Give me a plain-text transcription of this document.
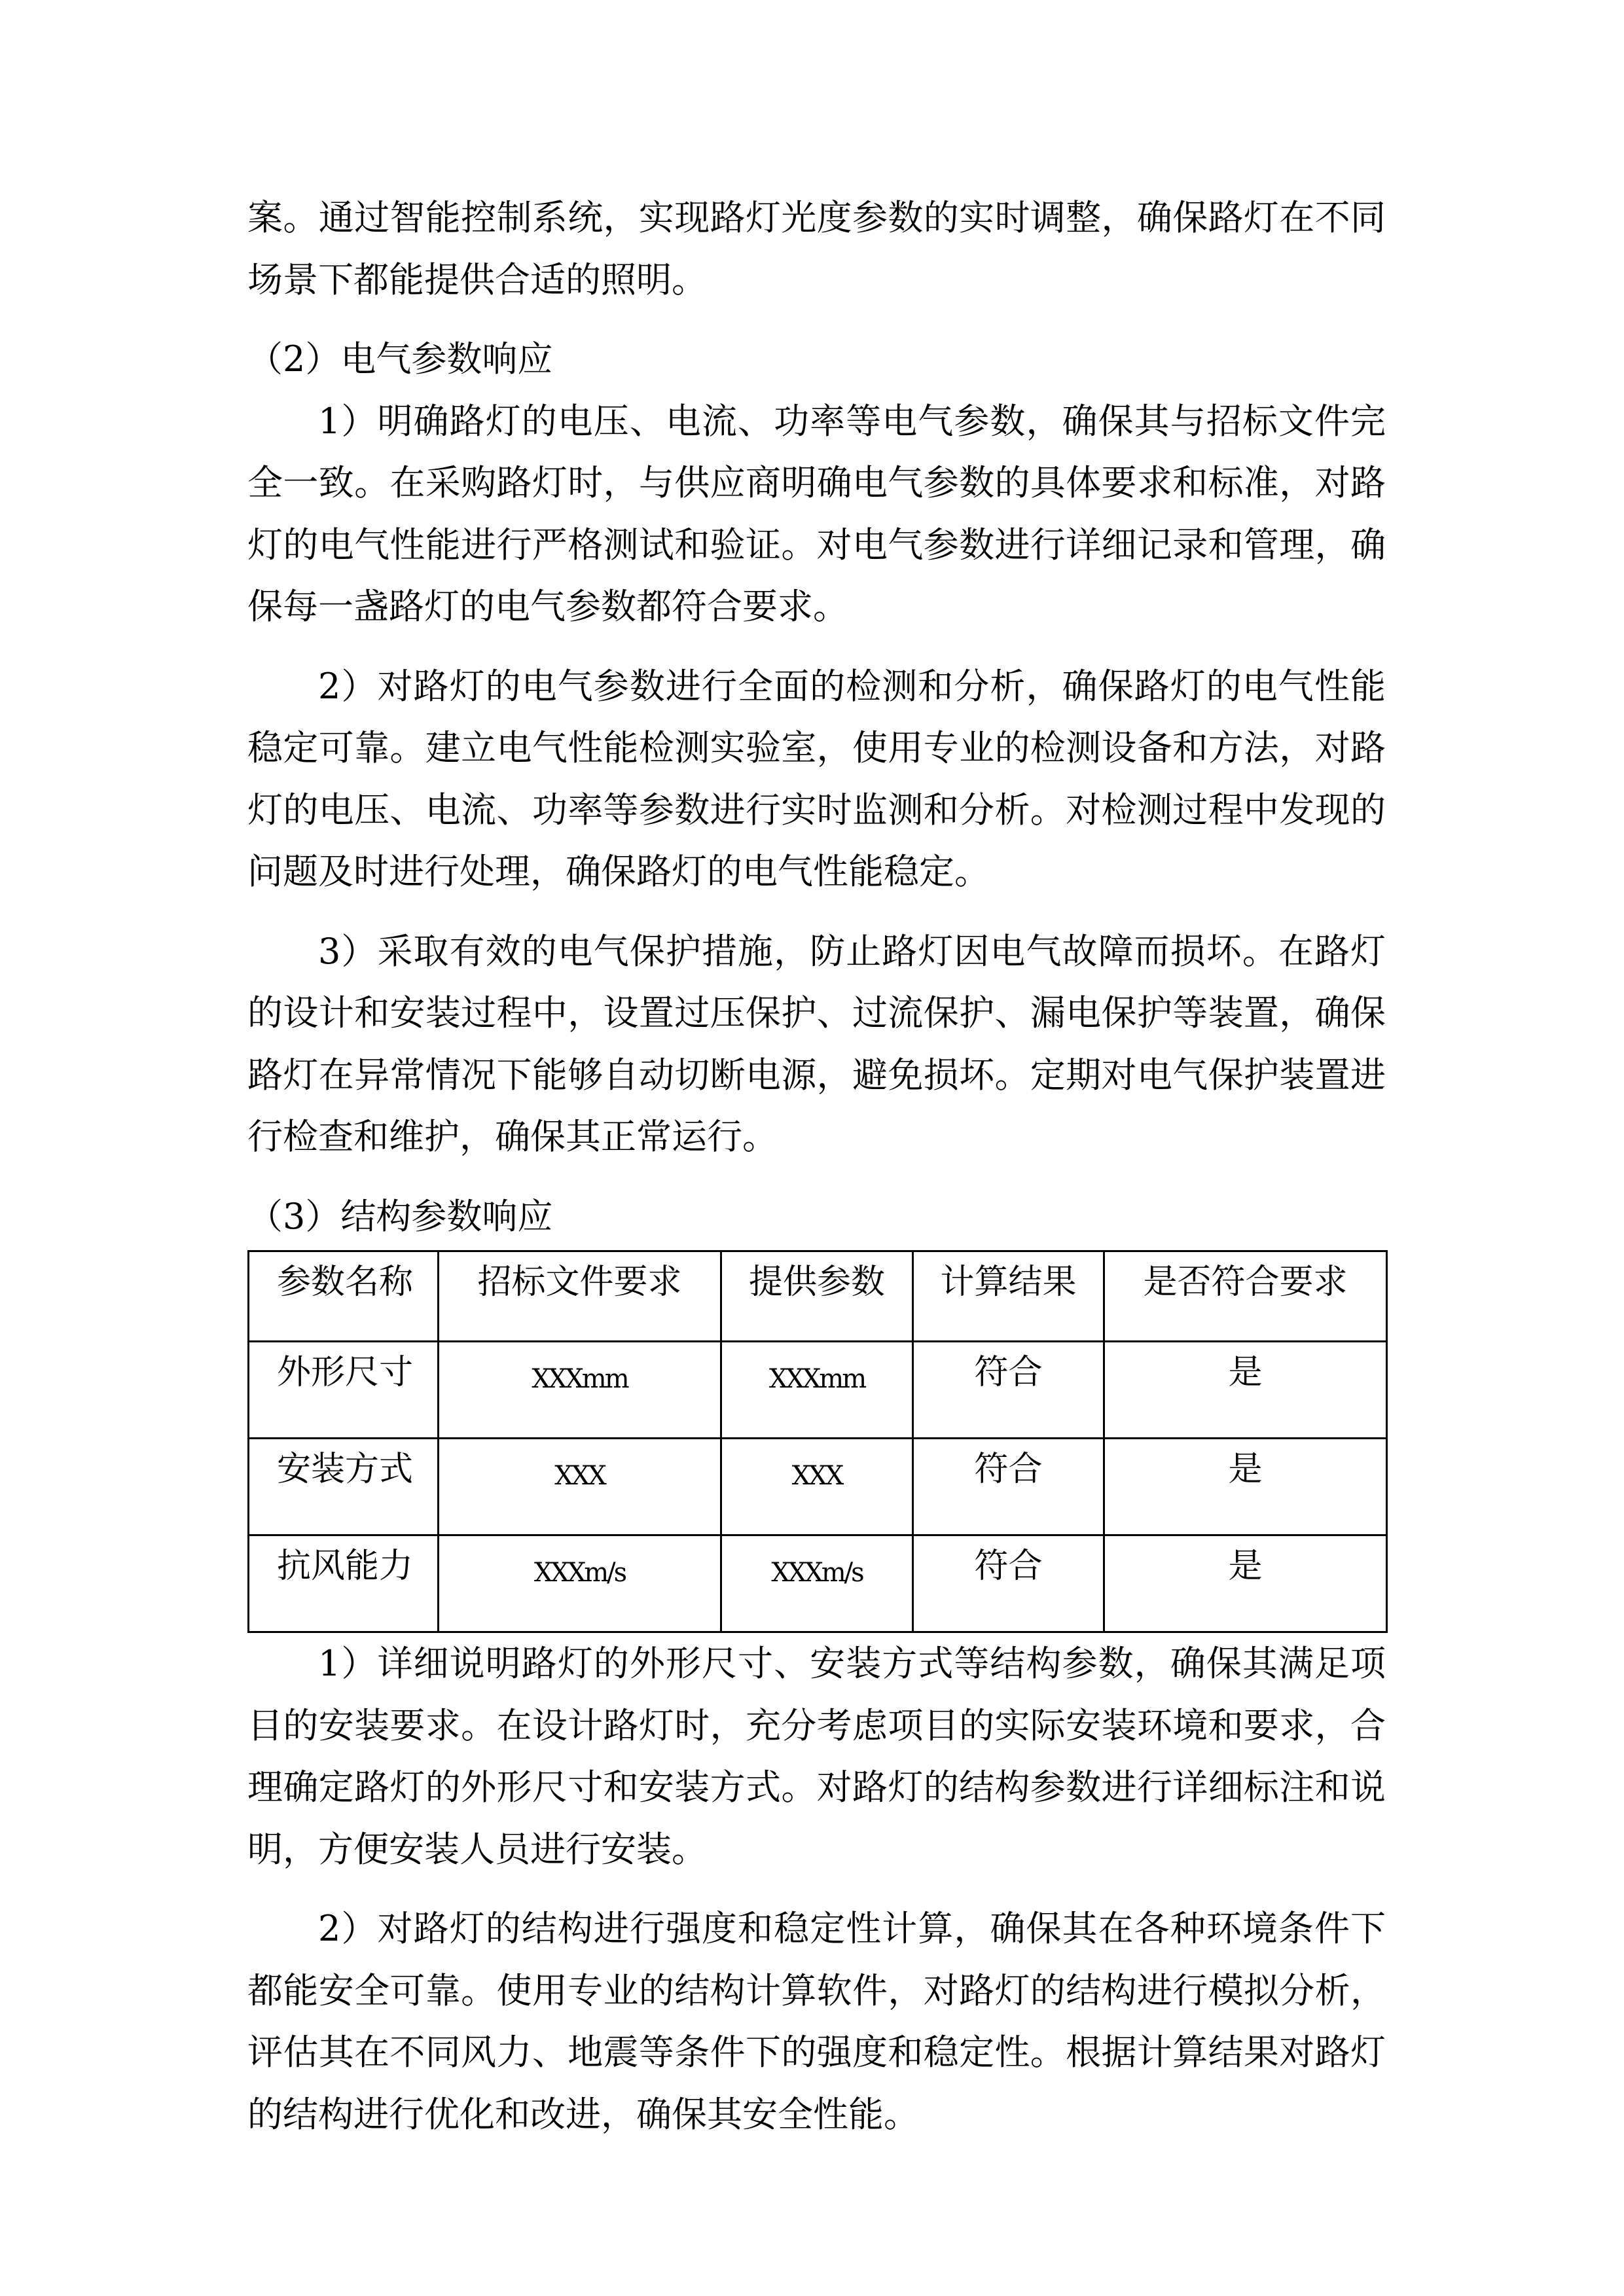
案。通过智能控制系统，实现路灯光度参数的实时调整，确保路灯在不同场景下都能提供合适的照明。

（2）电气参数响应

1）明确路灯的电压、电流、功率等电气参数，确保其与招标文件完全一致。在采购路灯时，与供应商明确电气参数的具体要求和标准，对路灯的电气性能进行严格测试和验证。对电气参数进行详细记录和管理，确保每一盏路灯的电气参数都符合要求。

2）对路灯的电气参数进行全面的检测和分析，确保路灯的电气性能稳定可靠。建立电气性能检测实验室，使用专业的检测设备和方法，对路灯的电压、电流、功率等参数进行实时监测和分析。对检测过程中发现的问题及时进行处理，确保路灯的电气性能稳定。

3）采取有效的电气保护措施，防止路灯因电气故障而损坏。在路灯的设计和安装过程中，设置过压保护、过流保护、漏电保护等装置，确保路灯在异常情况下能够自动切断电源，避免损坏。定期对电气保护装置进行检查和维护，确保其正常运行。

（3）结构参数响应

参数名称	招标文件要求	提供参数	计算结果	是否符合要求
外形尺寸	XXXmm	XXXmm	符合	是
安装方式	XXX	XXX	符合	是
抗风能力	XXXm/s	XXXm/s	符合	是

1）详细说明路灯的外形尺寸、安装方式等结构参数，确保其满足项目的安装要求。在设计路灯时，充分考虑项目的实际安装环境和要求，合理确定路灯的外形尺寸和安装方式。对路灯的结构参数进行详细标注和说明，方便安装人员进行安装。

2）对路灯的结构进行强度和稳定性计算，确保其在各种环境条件下都能安全可靠。使用专业的结构计算软件，对路灯的结构进行模拟分析，评估其在不同风力、地震等条件下的强度和稳定性。根据计算结果对路灯的结构进行优化和改进，确保其安全性能。
